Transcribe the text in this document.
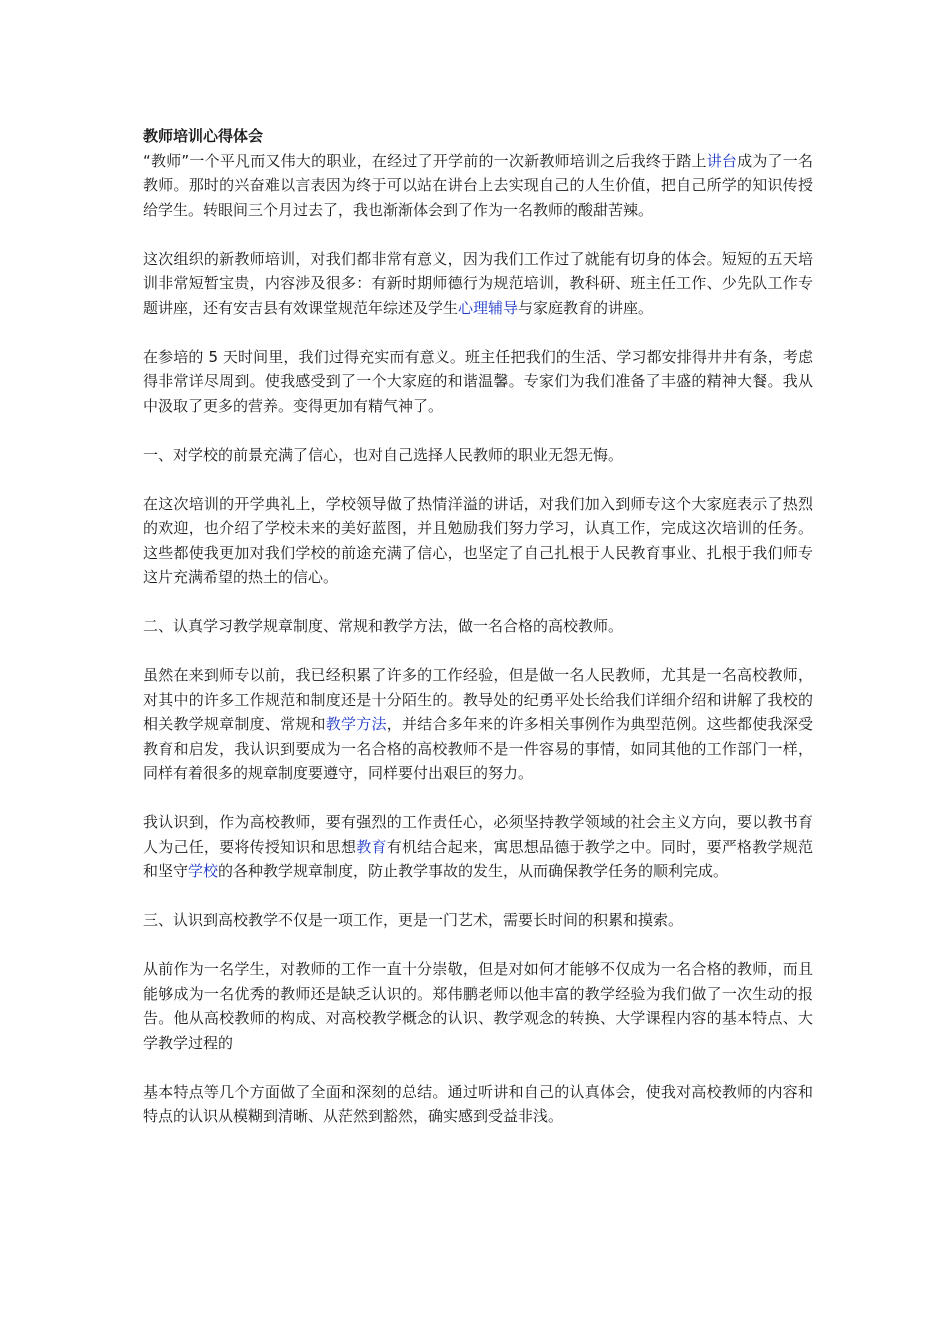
教师培训心得体会

“教师”一个平凡而又伟大的职业，在经过了开学前的一次新教师培训之后我终于踏上讲台成为了一名教师。那时的兴奋难以言表因为终于可以站在讲台上去实现自己的人生价值，把自己所学的知识传授给学生。转眼间三个月过去了，我也渐渐体会到了作为一名教师的酸甜苦辣。

这次组织的新教师培训，对我们都非常有意义，因为我们工作过了就能有切身的体会。短短的五天培训非常短暂宝贵，内容涉及很多：有新时期师德行为规范培训，教科研、班主任工作、少先队工作专题讲座，还有安吉县有效课堂规范年综述及学生心理辅导与家庭教育的讲座。

在参培的 5 天时间里，我们过得充实而有意义。班主任把我们的生活、学习都安排得井井有条，考虑得非常详尽周到。使我感受到了一个大家庭的和谐温馨。专家们为我们准备了丰盛的精神大餐。我从中汲取了更多的营养。变得更加有精气神了。

一、对学校的前景充满了信心，也对自己选择人民教师的职业无怨无悔。

在这次培训的开学典礼上，学校领导做了热情洋溢的讲话，对我们加入到师专这个大家庭表示了热烈的欢迎，也介绍了学校未来的美好蓝图，并且勉励我们努力学习，认真工作，完成这次培训的任务。这些都使我更加对我们学校的前途充满了信心，也坚定了自己扎根于人民教育事业、扎根于我们师专这片充满希望的热土的信心。

二、认真学习教学规章制度、常规和教学方法，做一名合格的高校教师。

虽然在来到师专以前，我已经积累了许多的工作经验，但是做一名人民教师，尤其是一名高校教师，对其中的许多工作规范和制度还是十分陌生的。教导处的纪勇平处长给我们详细介绍和讲解了我校的相关教学规章制度、常规和教学方法，并结合多年来的许多相关事例作为典型范例。这些都使我深受教育和启发，我认识到要成为一名合格的高校教师不是一件容易的事情，如同其他的工作部门一样，同样有着很多的规章制度要遵守，同样要付出艰巨的努力。

我认识到，作为高校教师，要有强烈的工作责任心，必须坚持教学领域的社会主义方向，要以教书育人为己任，要将传授知识和思想教育有机结合起来，寓思想品德于教学之中。同时，要严格教学规范和坚守学校的各种教学规章制度，防止教学事故的发生，从而确保教学任务的顺利完成。

三、认识到高校教学不仅是一项工作，更是一门艺术，需要长时间的积累和摸索。

从前作为一名学生，对教师的工作一直十分崇敬，但是对如何才能够不仅成为一名合格的教师，而且能够成为一名优秀的教师还是缺乏认识的。郑伟鹏老师以他丰富的教学经验为我们做了一次生动的报告。他从高校教师的构成、对高校教学概念的认识、教学观念的转换、大学课程内容的基本特点、大学教学过程的

基本特点等几个方面做了全面和深刻的总结。通过听讲和自己的认真体会，使我对高校教师的内容和特点的认识从模糊到清晰、从茫然到豁然，确实感到受益非浅。
